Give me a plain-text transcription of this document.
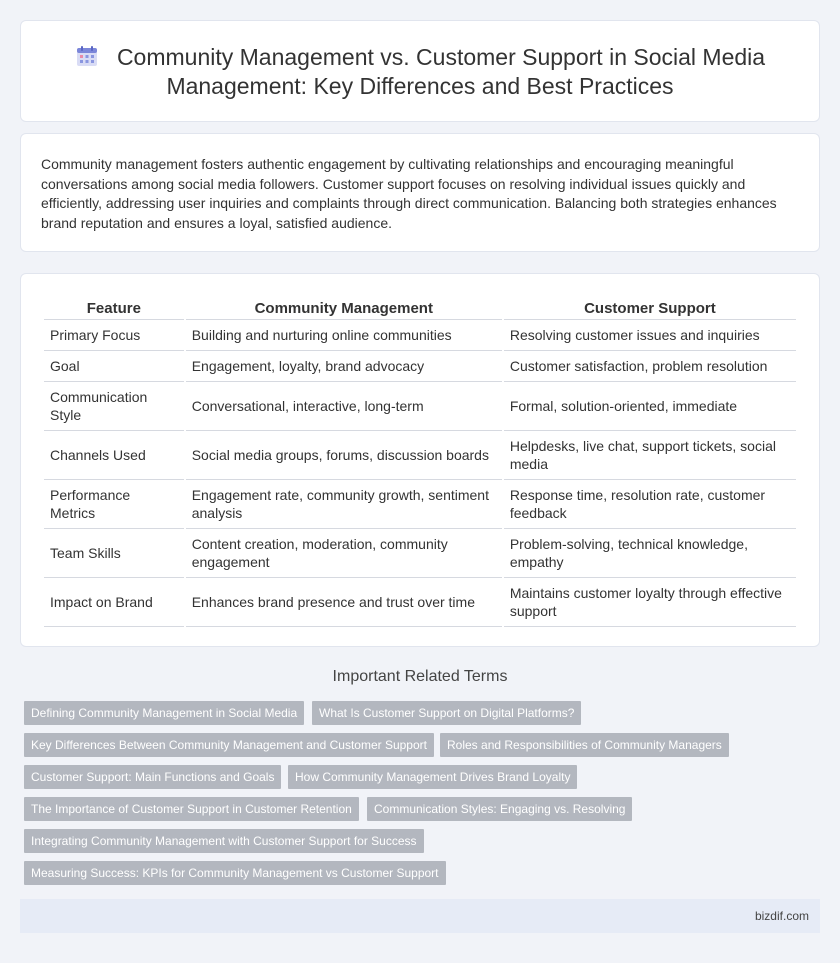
Community Management vs. Customer Support in Social Media
Management: Key Differences and Best Practices

Community management fosters authentic engagement by cultivating relationships and encouraging meaningful conversations among social media followers. Customer support focuses on resolving individual issues quickly and efficiently, addressing user inquiries and complaints through direct communication. Balancing both strategies enhances brand reputation and ensures a loyal, satisfied audience.

Feature	Community Management	Customer Support
Primary Focus	Building and nurturing online communities	Resolving customer issues and inquiries
Goal	Engagement, loyalty, brand advocacy	Customer satisfaction, problem resolution
Communication Style	Conversational, interactive, long-term	Formal, solution-oriented, immediate
Channels Used	Social media groups, forums, discussion boards	Helpdesks, live chat, support tickets, social media
Performance Metrics	Engagement rate, community growth, sentiment analysis	Response time, resolution rate, customer feedback
Team Skills	Content creation, moderation, community engagement	Problem-solving, technical knowledge, empathy
Impact on Brand	Enhances brand presence and trust over time	Maintains customer loyalty through effective support
Important Related Terms
Defining Community Management in Social Media	What Is Customer Support on Digital Platforms?
Key Differences Between Community Management and Customer Support	Roles and Responsibilities of Community Managers
Customer Support: Main Functions and Goals	How Community Management Drives Brand Loyalty
The Importance of Customer Support in Customer Retention	Communication Styles: Engaging vs. Resolving
Integrating Community Management with Customer Support for Success
Measuring Success: KPIs for Community Management vs Customer Support
bizdif.com
